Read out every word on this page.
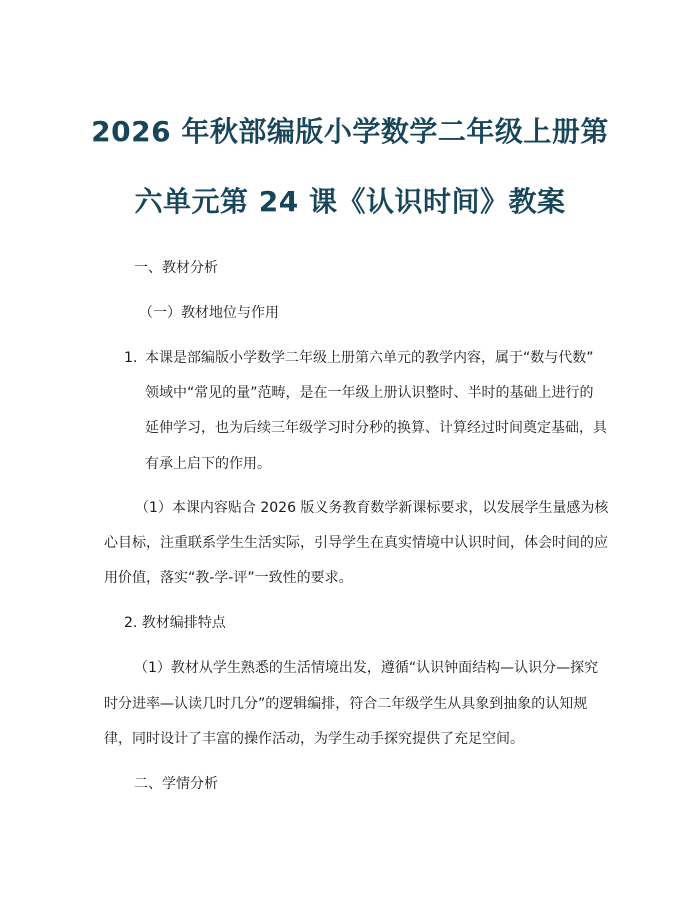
2026 年秋部编版小学数学二年级上册第
六单元第 24 课《认识时间》教案
一、教材分析
（一）教材地位与作用
1. 本课是部编版小学数学二年级上册第六单元的教学内容，属于“数与代数”
领域中“常见的量”范畴，是在一年级上册认识整时、半时的基础上进行的
延伸学习，也为后续三年级学习时分秒的换算、计算经过时间奠定基础，具
有承上启下的作用。
（1）本课内容贴合 2026 版义务教育数学新课标要求，以发展学生量感为核
心目标，注重联系学生生活实际，引导学生在真实情境中认识时间，体会时间的应
用价值，落实“教-学-评”一致性的要求。
2. 教材编排特点
（1）教材从学生熟悉的生活情境出发，遵循“认识钟面结构—认识分—探究
时分进率—认读几时几分”的逻辑编排，符合二年级学生从具象到抽象的认知规
律，同时设计了丰富的操作活动，为学生动手探究提供了充足空间。
二、学情分析
